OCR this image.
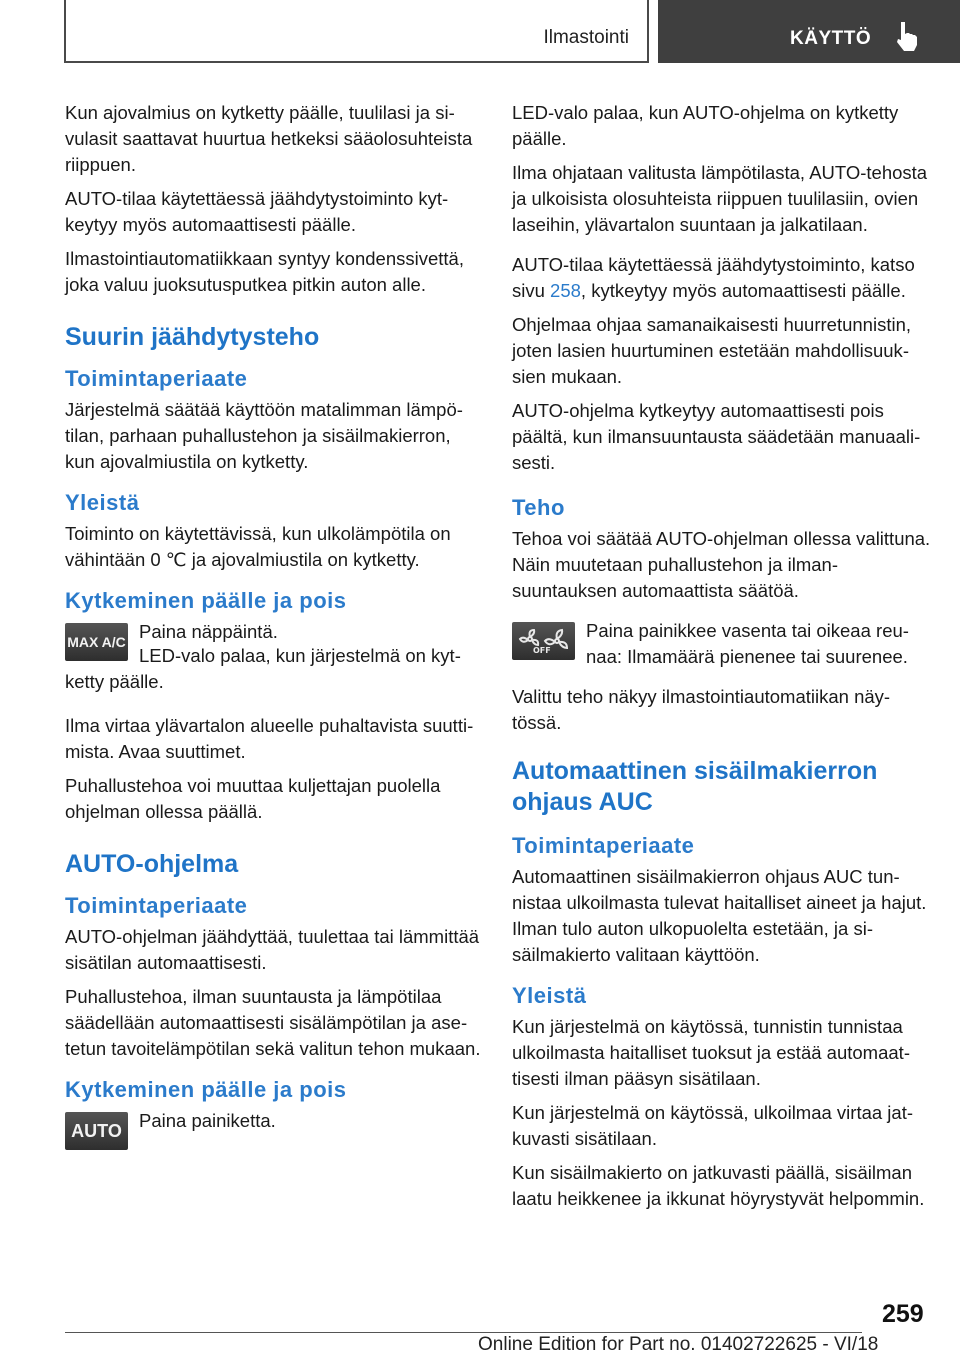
Ilmastointi	KÄYTTÖ

Kun ajovalmius on kytketty päälle, tuulilasi ja sivulasit saattavat huurtua hetkeksi sääolosuhteista riippuen.

AUTO-tilaa käytettäessä jäähdytystoiminto kytkeytyy myös automaattisesti päälle.

Ilmastointiautomatiikkaan syntyy kondenssivettä, joka valuu juoksutusputkea pitkin auton alle.

Suurin jäähdytysteho
Toimintaperiaate

Järjestelmä säätää käyttöön matalimman lämpötilan, parhaan puhallustehon ja sisäilmakierron, kun ajovalmiustila on kytketty.

Yleistä

Toiminto on käytettävissä, kun ulkolämpötila on vähintään 0 ℃ ja ajovalmiustila on kytketty.

Kytkeminen päälle ja pois
MAX A/C Paina näppäintä.

LED-valo palaa, kun järjestelmä on kytketty päälle.

Ilma virtaa ylävartalon alueelle puhaltavista suuttimista. Avaa suuttimet.

Puhallustehoa voi muuttaa kuljettajan puolella ohjelman ollessa päällä.

AUTO-ohjelma
Toimintaperiaate

AUTO-ohjelman jäähdyttää, tuulettaa tai lämmittää sisätilan automaattisesti.

Puhallustehoa, ilman suuntausta ja lämpötilaa säädellään automaattisesti sisälämpötilan ja asetetun tavoitelämpötilan sekä valitun tehon mukaan.

Kytkeminen päälle ja pois
AUTO Paina painiketta.

LED-valo palaa, kun AUTO-ohjelma on kytketty päälle.

Ilma ohjataan valitusta lämpötilasta, AUTO-tehosta ja ulkoisista olosuhteista riippuen tuulilasiin, ovien laseihin, ylävartalon suuntaan ja jalkatilaan.

AUTO-tilaa käytettäessä jäähdytystoiminto, katso sivu 258, kytkeytyy myös automaattisesti päälle.

Ohjelmaa ohjaa samanaikaisesti huurretunnistin, joten lasien huurtuminen estetään mahdollisuuksien mukaan.

AUTO-ohjelma kytkeytyy automaattisesti pois päältä, kun ilmansuuntausta säädetään manuaalisesti.

Teho

Tehoa voi säätää AUTO-ohjelman ollessa valittuna. Näin muutetaan puhallustehon ja ilmansuuntauksen automaattista säätöä.

OFF

Paina painikkee vasenta tai oikeaa reunaa: Ilmamäärä pienenee tai suurenee.

Valittu teho näkyy ilmastointiautomatiikan näytössä.

Automaattinen sisäilmakierron ohjaus AUC
Toimintaperiaate

Automaattinen sisäilmakierron ohjaus AUC tunnistaa ulkoilmasta tulevat haitalliset aineet ja hajut. Ilman tulo auton ulkopuolelta estetään, ja sisäilmakierto valitaan käyttöön.

Yleistä

Kun järjestelmä on käytössä, tunnistin tunnistaa ulkoilmasta haitalliset tuoksut ja estää automaattisesti ilman pääsyn sisätilaan.

Kun järjestelmä on käytössä, ulkoilmaa virtaa jatkuvasti sisätilaan.

Kun sisäilmakierto on jatkuvasti päällä, sisäilman laatu heikkenee ja ikkunat höyrystyvät helpommin.

259
Online Edition for Part no. 01402722625 - VI/18
